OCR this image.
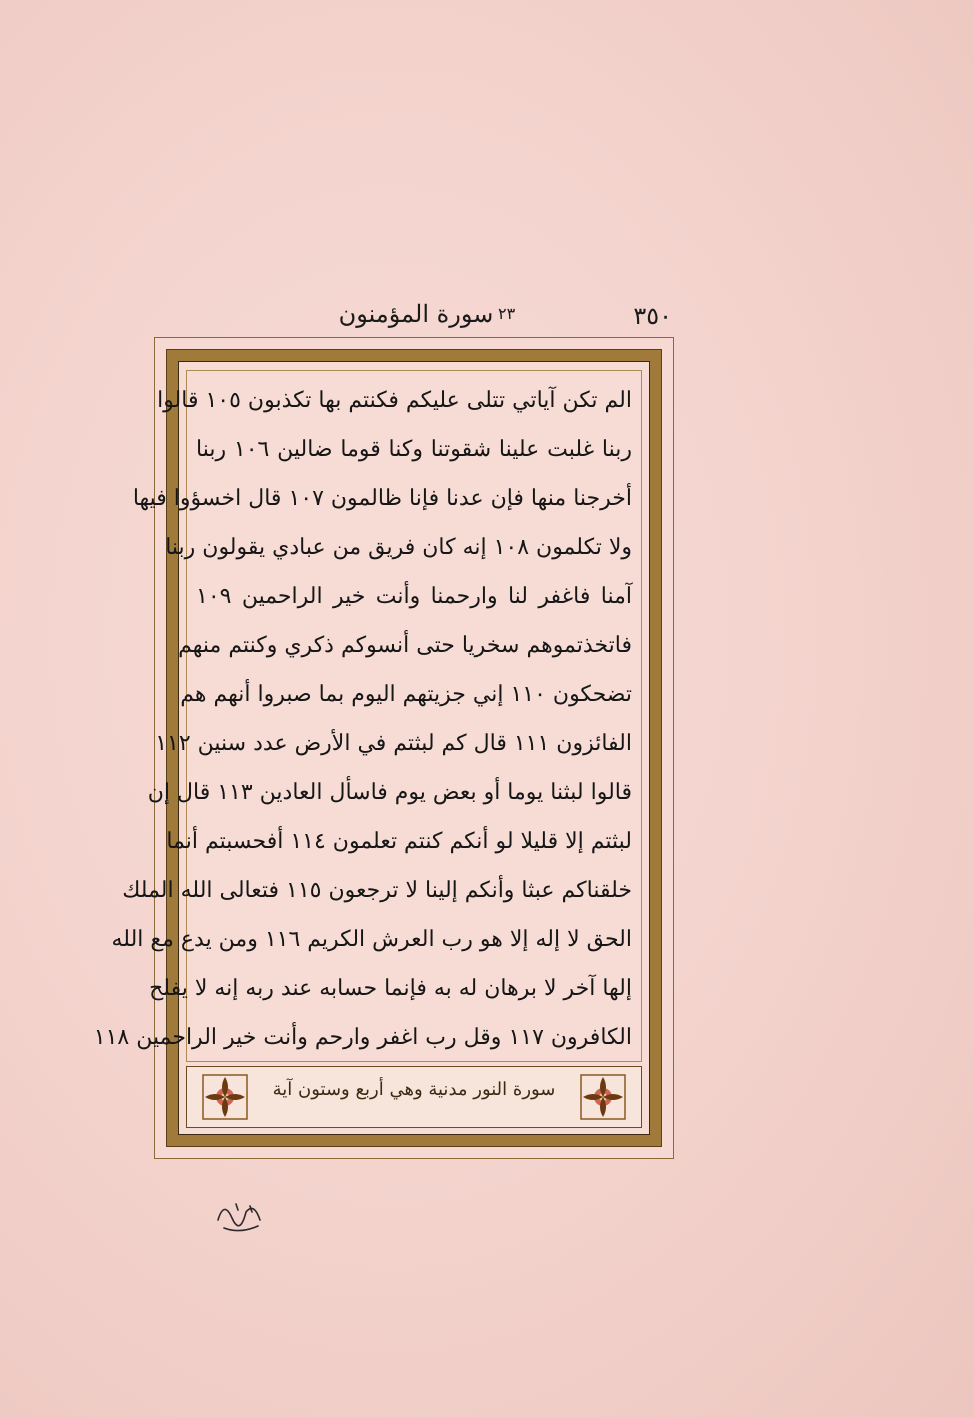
٣٥٠
سورة المؤمنون ٢٣
الم تكن آياتي تتلى عليكم فكنتم بها تكذبون ١٠٥ قالوا
ربنا غلبت علينا شقوتنا وكنا قوما ضالين ١٠٦ ربنا
أخرجنا منها فإن عدنا فإنا ظالمون ١٠٧ قال اخسؤوا فيها
ولا تكلمون ١٠٨ إنه كان فريق من عبادي يقولون ربنا
آمنا فاغفر لنا وارحمنا وأنت خير الراحمين ١٠٩
فاتخذتموهم سخريا حتى أنسوكم ذكري وكنتم منهم
تضحكون ١١٠ إني جزيتهم اليوم بما صبروا أنهم هم
الفائزون ١١١ قال كم لبثتم في الأرض عدد سنين ١١٢
قالوا لبثنا يوما أو بعض يوم فاسأل العادين ١١٣ قال إن
لبثتم إلا قليلا لو أنكم كنتم تعلمون ١١٤ أفحسبتم أنما
خلقناكم عبثا وأنكم إلينا لا ترجعون ١١٥ فتعالى الله الملك
الحق لا إله إلا هو رب العرش الكريم ١١٦ ومن يدع مع الله
إلها آخر لا برهان له به فإنما حسابه عند ربه إنه لا يفلح
الكافرون ١١٧ وقل رب اغفر وارحم وأنت خير الراحمين ١١٨
سورة النور مدنية وهي أربع وستون آية
